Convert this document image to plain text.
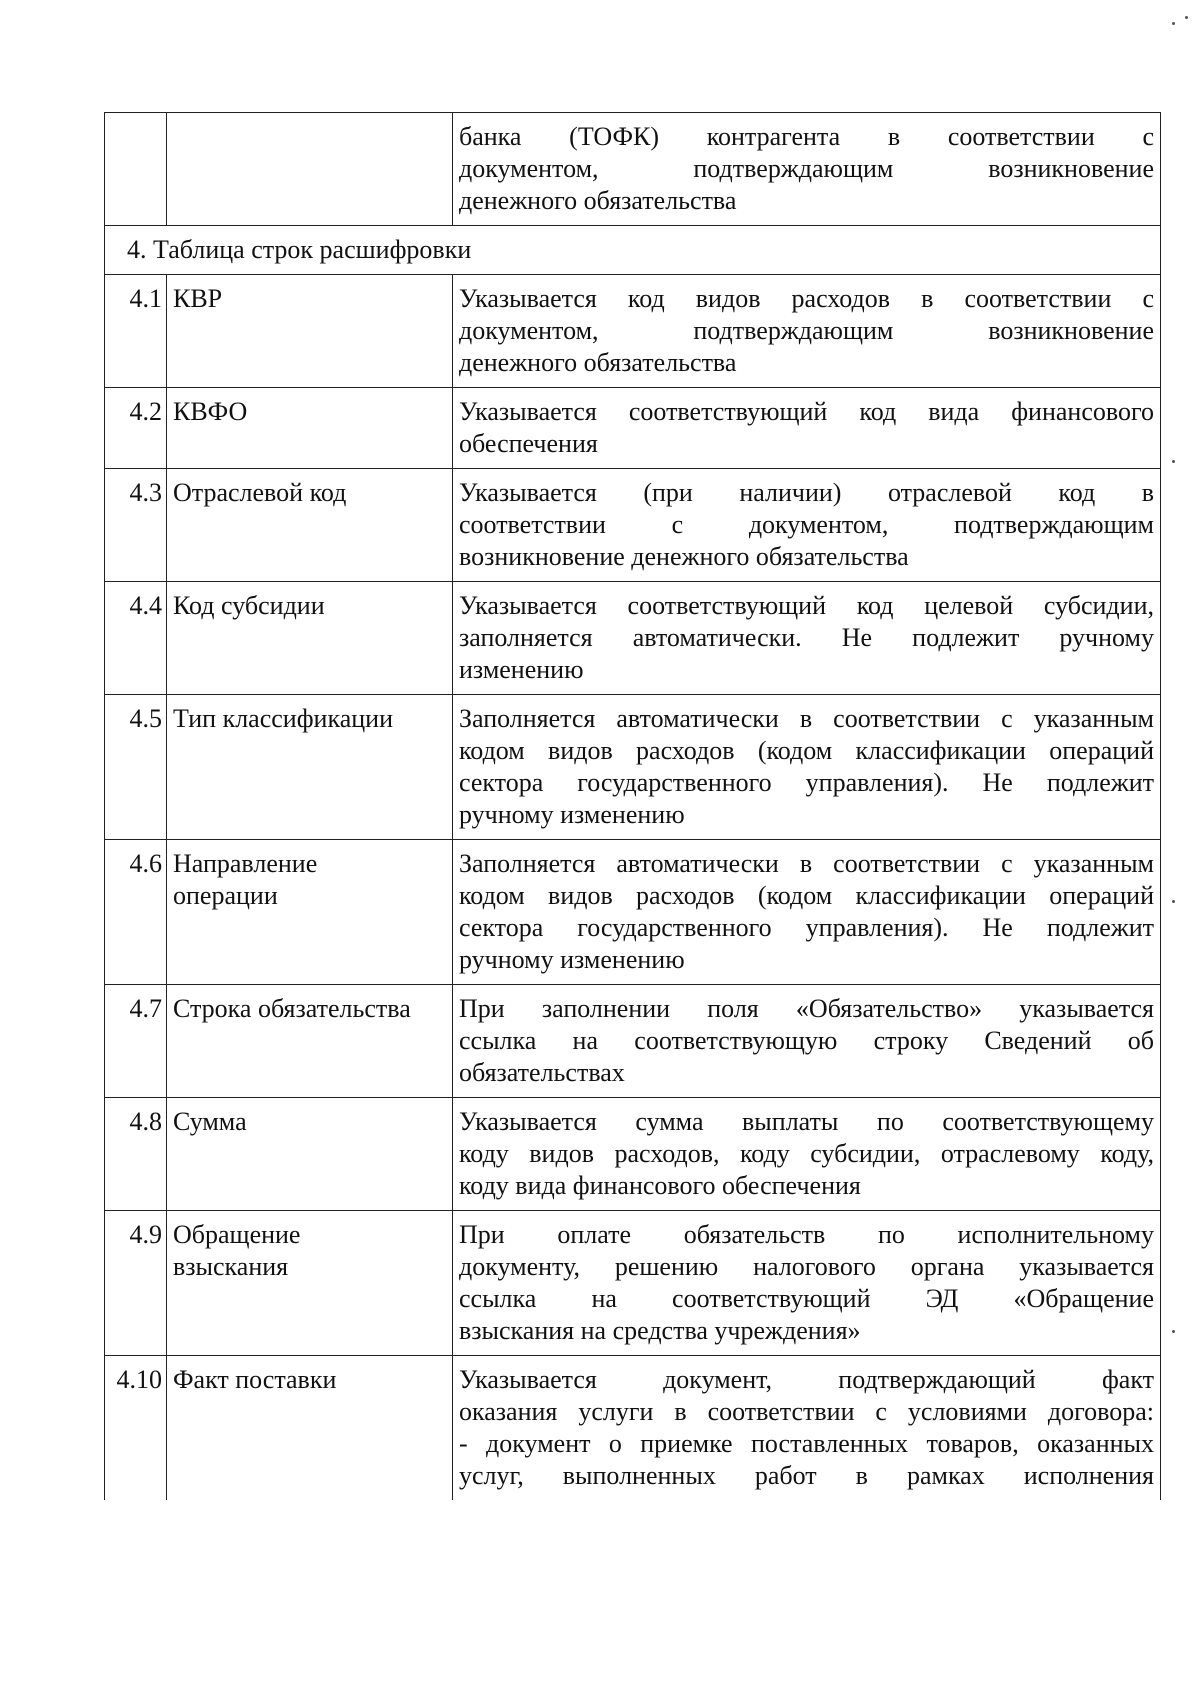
		банка (ТОФК) контрагента в соответствии с
документом, подтверждающим возникновение
денежного обязательства

4. Таблица строк расшифровки		
4.1	КВР	Указывается код видов расходов в соответствии с
документом, подтверждающим возникновение
денежного обязательства

4.2	КВФО	Указывается соответствующий код вида финансового
обеспечения

4.3	Отраслевой код	Указывается (при наличии) отраслевой код в
соответствии с документом, подтверждающим
возникновение денежного обязательства

4.4	Код субсидии	Указывается соответствующий код целевой субсидии,
заполняется автоматически. Не подлежит ручному
изменению

4.5	Тип классификации	Заполняется автоматически в соответствии с указанным
кодом видов расходов (кодом классификации операций
сектора государственного управления). Не подлежит
ручному изменению

4.6	Направление
операции	Заполняется автоматически в соответствии с указанным
кодом видов расходов (кодом классификации операций
сектора государственного управления). Не подлежит
ручному изменению

4.7	Строка обязательства	При заполнении поля «Обязательство» указывается
ссылка на соответствующую строку Сведений об
обязательствах

4.8	Сумма	Указывается сумма выплаты по соответствующему
коду видов расходов, коду субсидии, отраслевому коду,
коду вида финансового обеспечения

4.9	Обращение
взыскания	При оплате обязательств по исполнительному
документу, решению налогового органа указывается
ссылка на соответствующий ЭД «Обращение
взыскания на средства учреждения»

4.10	Факт поставки	Указывается документ, подтверждающий факт
оказания услуги в соответствии с условиями договора:
- документ о приемке поставленных товаров, оказанных
услуг, выполненных работ в рамках исполнения
